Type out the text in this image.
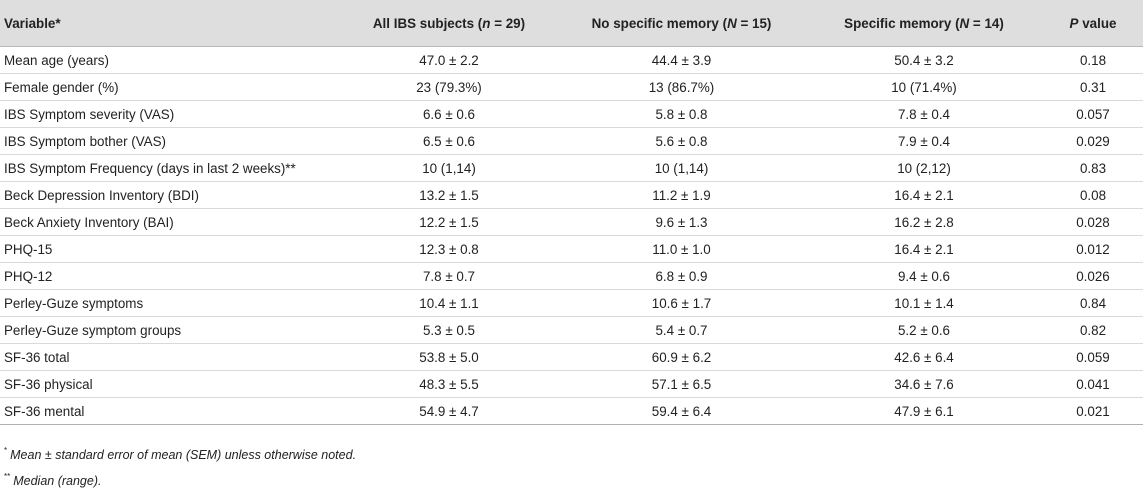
Variable*	All IBS subjects (n = 29)	No specific memory (N = 15)	Specific memory (N = 14)	P value
Mean age (years)	47.0 ± 2.2	44.4 ± 3.9	50.4 ± 3.2	0.18
Female gender (%)	23 (79.3%)	13 (86.7%)	10 (71.4%)	0.31
IBS Symptom severity (VAS)	6.6 ± 0.6	5.8 ± 0.8	7.8 ± 0.4	0.057
IBS Symptom bother (VAS)	6.5 ± 0.6	5.6 ± 0.8	7.9 ± 0.4	0.029
IBS Symptom Frequency (days in last 2 weeks)**	10 (1,14)	10 (1,14)	10 (2,12)	0.83
Beck Depression Inventory (BDI)	13.2 ± 1.5	11.2 ± 1.9	16.4 ± 2.1	0.08
Beck Anxiety Inventory (BAI)	12.2 ± 1.5	9.6 ± 1.3	16.2 ± 2.8	0.028
PHQ-15	12.3 ± 0.8	11.0 ± 1.0	16.4 ± 2.1	0.012
PHQ-12	7.8 ± 0.7	6.8 ± 0.9	9.4 ± 0.6	0.026
Perley-Guze symptoms	10.4 ± 1.1	10.6 ± 1.7	10.1 ± 1.4	0.84
Perley-Guze symptom groups	5.3 ± 0.5	5.4 ± 0.7	5.2 ± 0.6	0.82
SF-36 total	53.8 ± 5.0	60.9 ± 6.2	42.6 ± 6.4	0.059
SF-36 physical	48.3 ± 5.5	57.1 ± 6.5	34.6 ± 7.6	0.041
SF-36 mental	54.9 ± 4.7	59.4 ± 6.4	47.9 ± 6.1	0.021
* Mean ± standard error of mean (SEM) unless otherwise noted.
** Median (range).
